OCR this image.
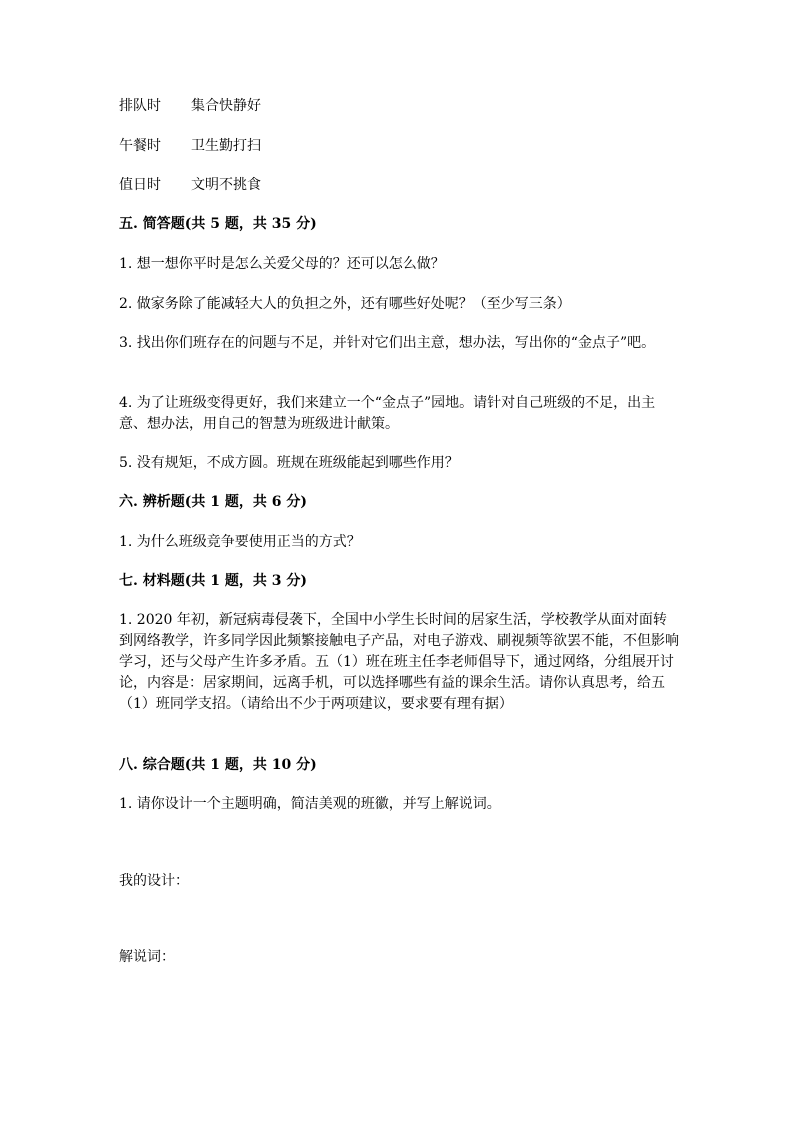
排队时 集合快静好
午餐时 卫生勤打扫
值日时 文明不挑食
五. 简答题(共 5 题，共 35 分)
1. 想一想你平时是怎么关爱父母的？还可以怎么做？
2. 做家务除了能减轻大人的负担之外，还有哪些好处呢？（至少写三条）
3. 找出你们班存在的问题与不足，并针对它们出主意，想办法，写出你的“金点子”吧。
4. 为了让班级变得更好，我们来建立一个“金点子”园地。请针对自己班级的不足，出主意、想办法，用自己的智慧为班级进计献策。
5. 没有规矩，不成方圆。班规在班级能起到哪些作用？
六. 辨析题(共 1 题，共 6 分)
1. 为什么班级竞争要使用正当的方式？
七. 材料题(共 1 题，共 3 分)
1. 2020 年初，新冠病毒侵袭下，全国中小学生长时间的居家生活，学校教学从面对面转到网络教学，许多同学因此频繁接触电子产品，对电子游戏、刷视频等欲罢不能，不但影响学习，还与父母产生许多矛盾。五（1）班在班主任李老师倡导下，通过网络，分组展开讨论，内容是：居家期间，远离手机，可以选择哪些有益的课余生活。请你认真思考，给五（1）班同学支招。（请给出不少于两项建议，要求要有理有据）
八. 综合题(共 1 题，共 10 分)
1. 请你设计一个主题明确，简洁美观的班徽，并写上解说词。
我的设计：
解说词：
